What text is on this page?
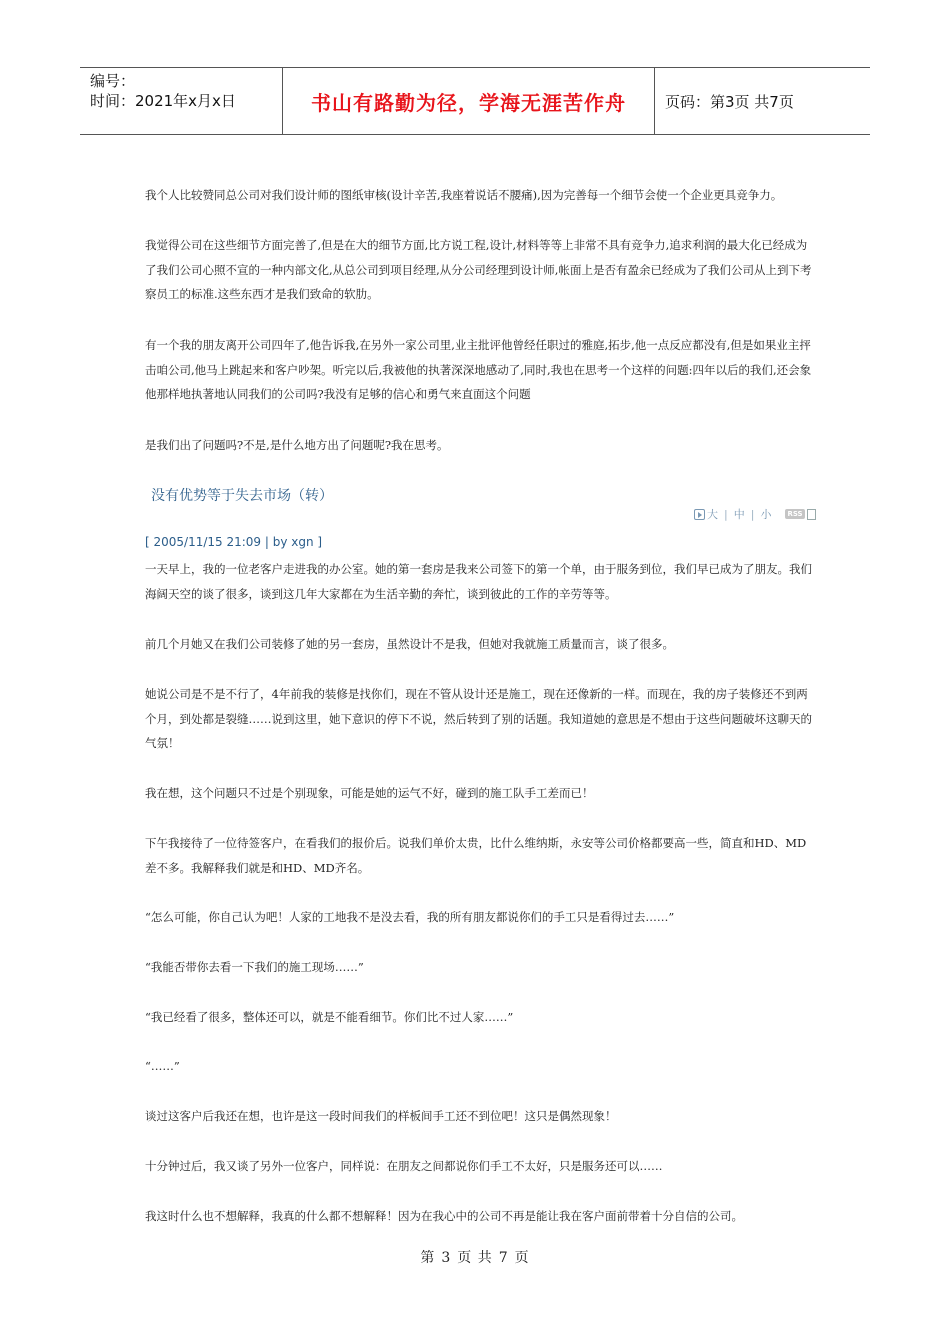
编号：
时间：2021年x月x日	书山有路勤为径，学海无涯苦作舟	页码：第3页 共7页
我个人比较赞同总公司对我们设计师的图纸审核(设计辛苦,我座着说话不腰痛),因为完善每一个细节会使一个企业更具竞争力。
我觉得公司在这些细节方面完善了,但是在大的细节方面,比方说工程,设计,材料等等上非常不具有竞争力,追求利润的最大化已经成为了我们公司心照不宣的一种内部文化,从总公司到项目经理,从分公司经理到设计师,帐面上是否有盈余已经成为了我们公司从上到下考察员工的标准.这些东西才是我们致命的软肋。
有一个我的朋友离开公司四年了,他告诉我,在另外一家公司里,业主批评他曾经任职过的雅庭,拓步,他一点反应都没有,但是如果业主抨击咱公司,他马上跳起来和客户吵架。听完以后,我被他的执著深深地感动了,同时,我也在思考一个这样的问题:四年以后的我们,还会象他那样地执著地认同我们的公司吗?我没有足够的信心和勇气来直面这个问题
是我们出了问题吗?不是,是什么地方出了问题呢?我在思考。
没有优势等于失去市场（转）
大 | 中 | 小 RSS
[ 2005/11/15 21:09 | by xgn ]
一天早上，我的一位老客户走进我的办公室。她的第一套房是我来公司签下的第一个单，由于服务到位，我们早已成为了朋友。我们海阔天空的谈了很多，谈到这几年大家都在为生活辛勤的奔忙，谈到彼此的工作的辛劳等等。
前几个月她又在我们公司装修了她的另一套房，虽然设计不是我，但她对我就施工质量而言，谈了很多。
她说公司是不是不行了，4年前我的装修是找你们，现在不管从设计还是施工，现在还像新的一样。而现在，我的房子装修还不到两个月，到处都是裂缝……说到这里，她下意识的停下不说，然后转到了别的话题。我知道她的意思是不想由于这些问题破坏这聊天的气氛！
我在想，这个问题只不过是个别现象，可能是她的运气不好，碰到的施工队手工差而已！
下午我接待了一位待签客户，在看我们的报价后。说我们单价太贵，比什么维纳斯，永安等公司价格都要高一些，简直和HD、MD差不多。我解释我们就是和HD、MD齐名。
“怎么可能，你自己认为吧！人家的工地我不是没去看，我的所有朋友都说你们的手工只是看得过去……”
“我能否带你去看一下我们的施工现场……”
“我已经看了很多，整体还可以，就是不能看细节。你们比不过人家……”
“……”
谈过这客户后我还在想，也许是这一段时间我们的样板间手工还不到位吧！这只是偶然现象！
十分钟过后，我又谈了另外一位客户，同样说：在朋友之间都说你们手工不太好，只是服务还可以……
我这时什么也不想解释，我真的什么都不想解释！因为在我心中的公司不再是能让我在客户面前带着十分自信的公司。
第 3 页 共 7 页
